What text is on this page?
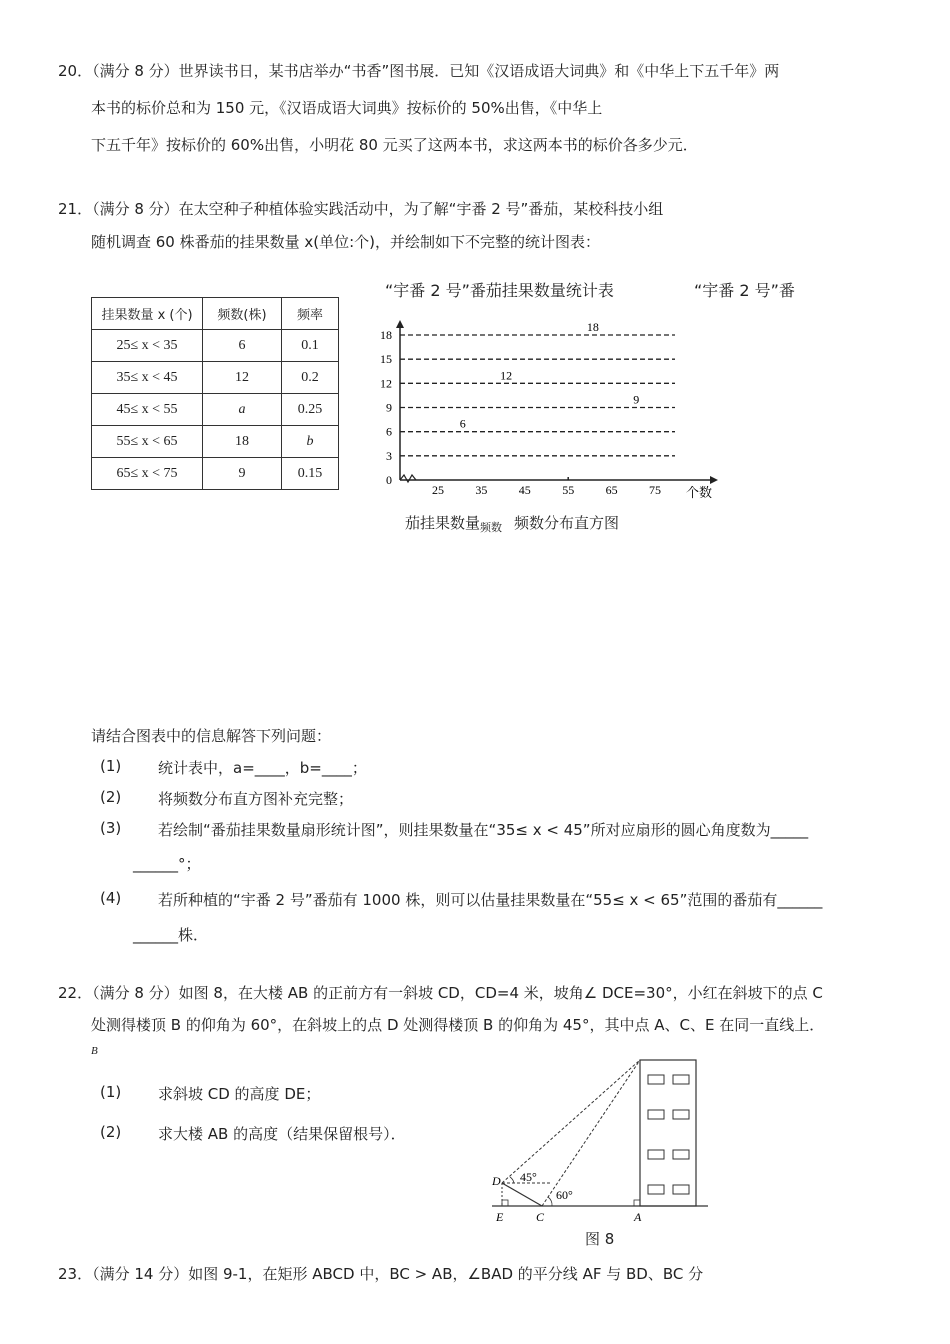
20．（满分 8 分）世界读书日，某书店举办“书香”图书展．已知《汉语成语大词典》和《中华上下五千年》两
本书的标价总和为 150 元，《汉语成语大词典》按标价的 50%出售，《中华上
下五千年》按标价的 60%出售，小明花 80 元买了这两本书，求这两本书的标价各多少元．
21．（满分 8 分）在太空种子种植体验实践活动中，为了解“宇番 2 号”番茄，某校科技小组
随机调查 60 株番茄的挂果数量 x(单位:个)，并绘制如下不完整的统计图表：
“宇番 2 号”番茄挂果数量统计表	“宇番 2 号”番
挂果数量 x (个)	频数(株)	频率
25≤ x < 35	6	0.1
35≤ x < 45	12	0.2
45≤ x < 55	a	0.25
55≤ x < 65	18	b
65≤ x < 75	9	0.15	0
3
6
9
12
15
18
25	35	45	55	65	75 个数
6
12
18
9
茄挂果数量$_{频数}$ 频数分布直方图
请结合图表中的信息解答下列问题：
(1) 统计表中，a=____，b=____；
(2) 将频数分布直方图补充完整；
(3) 若绘制“番茄挂果数量扇形统计图”，则挂果数量在“35≤ x < 45”所对应扇形的圆心角度数为_____
______°；
(4) 若所种植的“宇番 2 号”番茄有 1000 株，则可以估量挂果数量在“55≤ x < 65”范围的番茄有______
______株．
22．（满分 8 分）如图 8，在大楼 AB 的正前方有一斜坡 CD，CD=4 米，坡角∠ DCE=30°，小红在斜坡下的点 C
处测得楼顶 B 的仰角为 60°，在斜坡上的点 D 处测得楼顶 B 的仰角为 45°，其中点 A、C、E 在同一直线上．
B
(1) 求斜坡 CD 的高度 DE；
(2) 求大楼 AB 的高度（结果保留根号）．
D
E	C	A
45°
60°
图 8
23．（满分 14 分）如图 9-1，在矩形 ABCD 中，BC > AB，∠BAD 的平分线 AF 与 BD、BC 分
